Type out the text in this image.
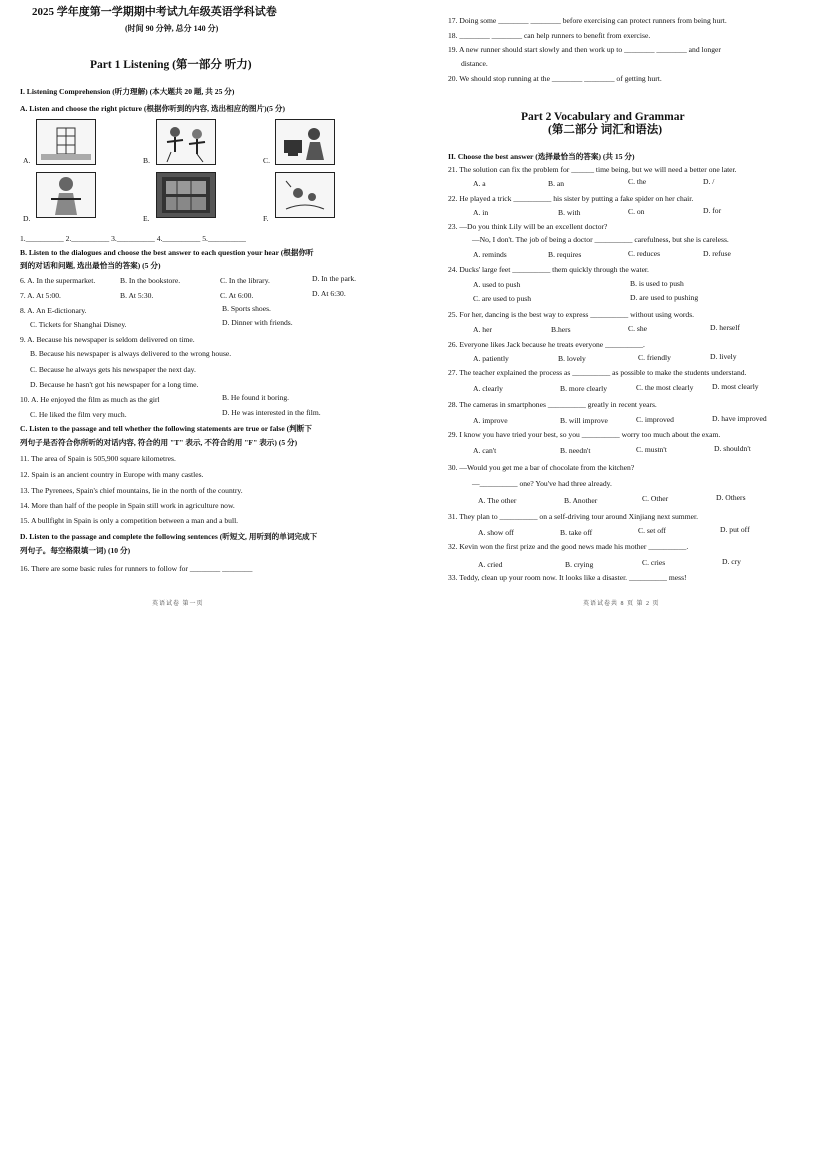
2025 学年度第一学期期中考试九年级英语学科试卷
(时间 90 分钟, 总分 140 分)
Part 1 Listening (第一部分 听力)
I. Listening Comprehension (听力理解) (本大题共 20 题, 共 25 分)
A. Listen and choose the right picture (根据你听到的内容, 选出相应的图片)(5 分)
A.	B.	C.
D.	E.	F.
1.__________ 2.__________ 3.__________ 4.__________ 5.__________
B. Listen to the dialogues and choose the best answer to each question your hear (根据你听
到的对话和问题, 选出最恰当的答案) (5 分)
6. A. In the supermarket.	B. In the bookstore.	C. In the library.	D. In the park.
7. A. At 5:00.	B. At 5:30.	C. At 6:00.	D. At 6:30.
8. A. An E-dictionary.	B. Sports shoes.
C. Tickets for Shanghai Disney.	D. Dinner with friends.
9. A. Because his newspaper is seldom delivered on time.
B. Because his newspaper is always delivered to the wrong house.
C. Because he always gets his newspaper the next day.
D. Because he hasn't got his newspaper for a long time.
10. A. He enjoyed the film as much as the girl	B. He found it boring.
C. He liked the film very much.	D. He was interested in the film.
C. Listen to the passage and tell whether the following statements are true or false (判断下
列句子是否符合你所听的对话内容, 符合的用 "T" 表示, 不符合的用 "F" 表示) (5 分)
11. The area of Spain is 505,900 square kilometres.
12. Spain is an ancient country in Europe with many castles.
13. The Pyrenees, Spain's chief mountains, lie in the north of the country.
14. More than half of the people in Spain still work in agriculture now.
15. A bullfight in Spain is only a competition between a man and a bull.
D. Listen to the passage and complete the following sentences (听短文, 用听到的单词完成下
列句子。每空格限填一词) (10 分)
16. There are some basic rules for runners to follow for ________ ________
17. Doing some ________ ________ before exercising can protect runners from being hurt.
18. ________ ________ can help runners to benefit from exercise.
19. A new runner should start slowly and then work up to ________ ________ and longer
distance.
20. We should stop running at the ________ ________ of getting hurt.
Part 2 Vocabulary and Grammar
(第二部分 词汇和语法)
II. Choose the best answer (选择最恰当的答案) (共 15 分)
21. The solution can fix the problem for ______ time being, but we will need a better one later.
A. a	B. an	C. the	D. /
22. He played a trick __________ his sister by putting a fake spider on her chair.
A. in	B. with	C. on	D. for
23. —Do you think Lily will be an excellent doctor?
—No, I don't. The job of being a doctor __________ carefulness, but she is careless.
A. reminds	B. requires	C. reduces	D. refuse
24. Ducks' large feet __________ them quickly through the water.
A. used to push	B. is used to push
C. are used to push	D. are used to pushing
25. For her, dancing is the best way to express __________ without using words.
A. her	B.hers	C. she	D. herself
26. Everyone likes Jack because he treats everyone __________.
A. patiently	B. lovely	C. friendly	D. lively
27. The teacher explained the process as __________ as possible to make the students understand.
A. clearly	B. more clearly	C. the most clearly D. most clearly
28. The cameras in smartphones __________ greatly in recent years.
A. improve	B. will improve	C. improved	D. have improved
29. I know you have tried your best, so you __________ worry too much about the exam.
A. can't	B. needn't	C. mustn't	D. shouldn't
30. —Would you get me a bar of chocolate from the kitchen?
—__________ one? You've had three already.
A. The other	B. Another	C. Other	D. Others
31. They plan to __________ on a self-driving tour around Xinjiang next summer.
A. show off	B. take off	C. set off	D. put off
32. Kevin won the first prize and the good news made his mother __________.
A. cried	B. crying	C. cries	D. cry
33. Teddy, clean up your room now. It looks like a disaster. __________ mess!
英语试卷 第一页	英语试卷共 8 页 第 2 页
